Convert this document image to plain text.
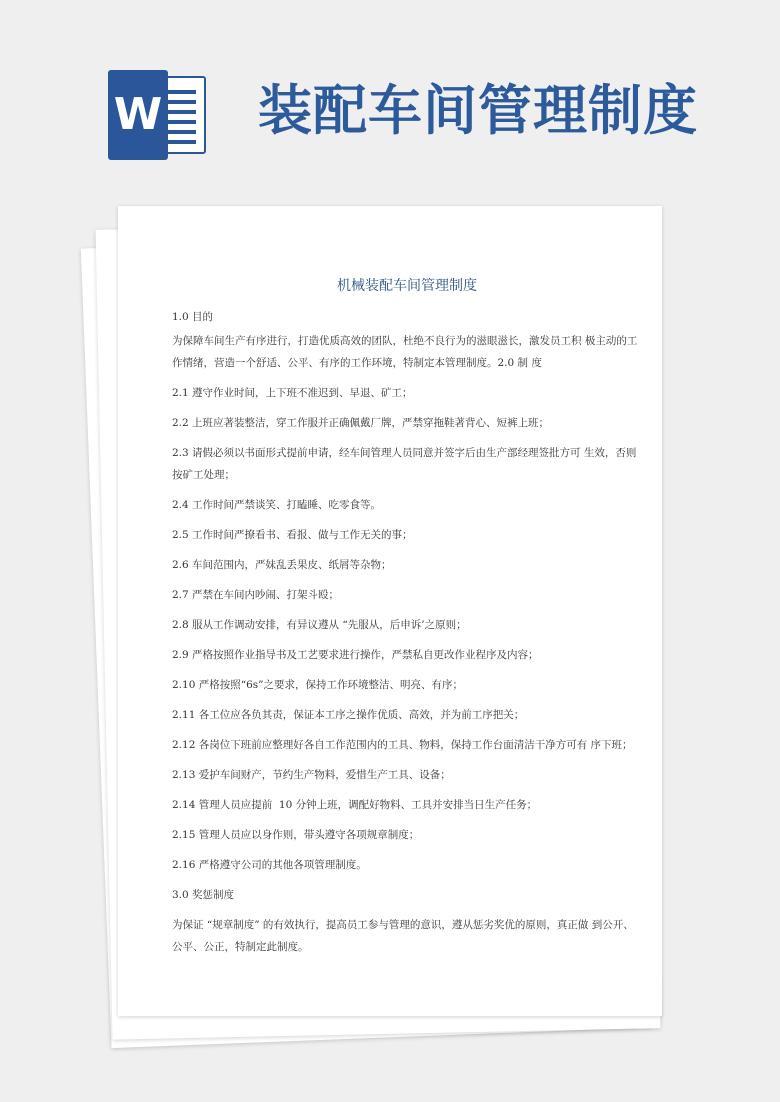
W 装配车间管理制度
机械装配车间管理制度
1.0 目的
为保障车间生产有序进行，打造优质高效的团队，杜绝不良行为的滋眼滋长，激发员工积 极主动的工作情绪，营造一个舒适、公平、有序的工作环境，特制定本管理制度。2.0 制 度
2.1 遵守作业时间，上下班不准迟到、早退、矿工；
2.2 上班应著装整洁，穿工作服并正确佩戴厂牌，严禁穿拖鞋著背心、短裤上班；
2.3 请假必须以书面形式提前申请，经车间管理人员同意并签字后由生产部经理签批方可 生效，否则按矿工处理；
2.4 工作时间严禁谈笑、打瞌睡、吃零食等。
2.5 工作时间严撩看书、看报、做与工作无关的事；
2.6 车间范围内，严妹乱丢果皮、纸屑等杂物；
2.7 严禁在车间内吵闹、打架斗殴；
2.8 服从工作调动安排，有异议遵从 “先服从，后申诉’之原则；
2.9 严格按照作业指导书及工艺要求进行操作，严禁私自更改作业程序及内容；
2.10 严格按照“6s”之要求，保持工作环境整洁、明亮、有序；
2.11 各工位应各负其责，保证本工序之操作优质、高效，并为前工序把关；
2.12 各岗位下班前应整理好各自工作范围内的工具、物料，保持工作台面清洁干净方可有 序下班；
2.13 爱护车间财产，节约生产物料，爱惜生产工具、设备；
2.14 管理人员应提前  10 分钟上班，调配好物料、工具并安排当日生产任务；
2.15 管理人员应以身作则，带头遵守各项规章制度；
2.16 严格遵守公司的其他各项管理制度。
3.0 奖惩制度
为保证 “规章制度” 的有效执行，提高员工参与管理的意识，遵从惩劣奖优的原则，真正做 到公开、公平、公正，特制定此制度。
